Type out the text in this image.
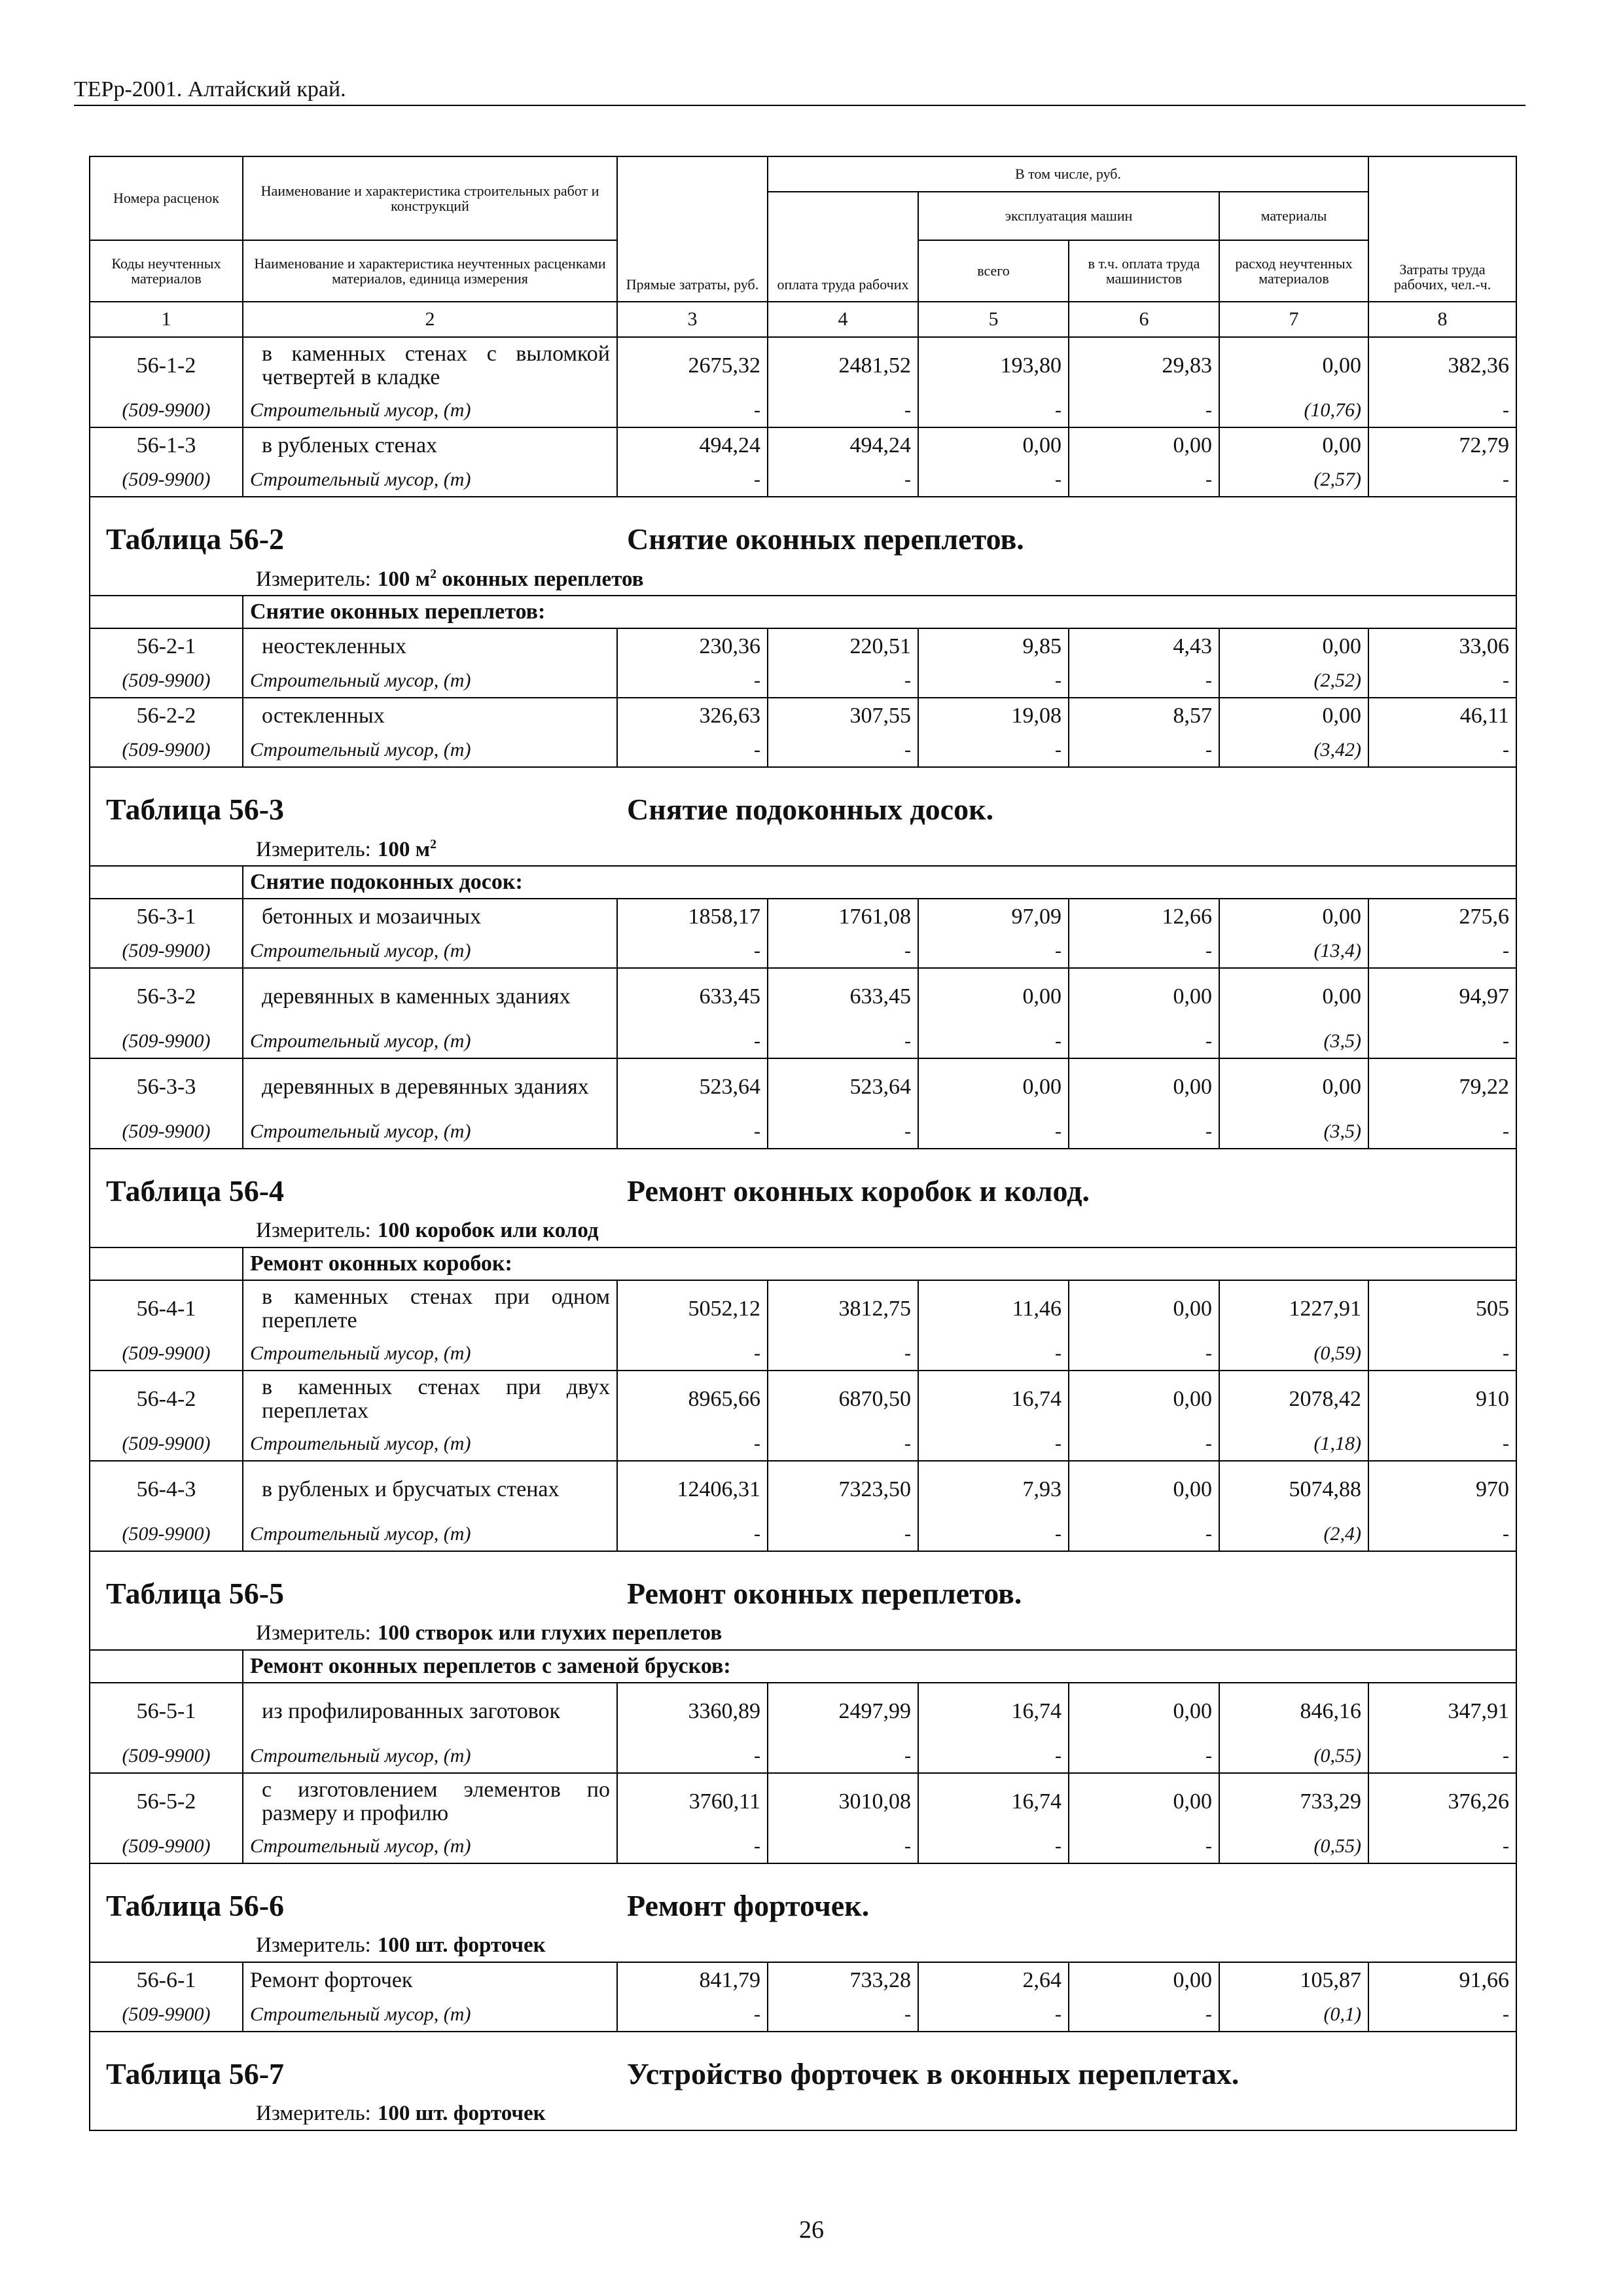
ТЕРр-2001. Алтайский край.
Номера расценок	Наименование и характеристика строительных работ и конструкций	Прямые затраты, руб.	В том числе, руб.				Затраты труда рабочих, чел.-ч.
			оплата труда рабочих	эксплуатация машин		материалы	
Коды неучтенных материалов	Наименование и характеристика неучтенных расценками материалов, единица измерения			всего	в т.ч. оплата труда машинистов	расход неучтенных материалов	
1	2	3	4	5	6	7	8
56-1-2	в каменных стенах с выломкой четвертей в кладке	2675,32	2481,52	193,80	29,83	0,00	382,36
(509-9900)	Строительный мусор, (т)	-	-	-	-	(10,76)	-
56-1-3	в рубленых стенах	494,24	494,24	0,00	0,00	0,00	72,79
(509-9900)	Строительный мусор, (т)	-	-	-	-	(2,57)	-

Таблица 56-2 Снятие оконных переплетов.							

Измеритель: 100 $м^2$ оконных переплетов							
	Снятие оконных переплетов:						
56-2-1	неостекленных	230,36	220,51	9,85	4,43	0,00	33,06
(509-9900)	Строительный мусор, (т)	-	-	-	-	(2,52)	-
56-2-2	остекленных	326,63	307,55	19,08	8,57	0,00	46,11
(509-9900)	Строительный мусор, (т)	-	-	-	-	(3,42)	-

Таблица 56-3 Снятие подоконных досок.							

Измеритель: 100 $м^2$
	Снятие подоконных досок:						
56-3-1	бетонных и мозаичных	1858,17	1761,08	97,09	12,66	0,00	275,6
(509-9900)	Строительный мусор, (т)	-	-	-	-	(13,4)	-
56-3-2	деревянных в каменных зданиях	633,45	633,45	0,00	0,00	0,00	94,97
(509-9900)	Строительный мусор, (т)	-	-	-	-	(3,5)	-
56-3-3	деревянных в деревянных зданиях	523,64	523,64	0,00	0,00	0,00	79,22
(509-9900)	Строительный мусор, (т)	-	-	-	-	(3,5)	-

Таблица 56-4 Ремонт оконных коробок и колод.							

Измеритель: 100 коробок или колод							
	Ремонт оконных коробок:						
56-4-1	в каменных стенах при одном переплете	5052,12	3812,75	11,46	0,00	1227,91	505
(509-9900)	Строительный мусор, (т)	-	-	-	-	(0,59)	-
56-4-2	в каменных стенах при двух переплетах	8965,66	6870,50	16,74	0,00	2078,42	910
(509-9900)	Строительный мусор, (т)	-	-	-	-	(1,18)	-
56-4-3	в рубленых и брусчатых стенах	12406,31	7323,50	7,93	0,00	5074,88	970
(509-9900)	Строительный мусор, (т)	-	-	-	-	(2,4)	-

Таблица 56-5 Ремонт оконных переплетов.							

Измеритель: 100 створок или глухих переплетов							
	Ремонт оконных переплетов с заменой брусков:						
56-5-1	из профилированных заготовок	3360,89	2497,99	16,74	0,00	846,16	347,91
(509-9900)	Строительный мусор, (т)	-	-	-	-	(0,55)	-
56-5-2	с изготовлением элементов по размеру и профилю	3760,11	3010,08	16,74	0,00	733,29	376,26
(509-9900)	Строительный мусор, (т)	-	-	-	-	(0,55)	-

Таблица 56-6 Ремонт форточек.							

Измеритель: 100 шт. форточек							
56-6-1	Ремонт форточек	841,79	733,28	2,64	0,00	105,87	91,66
(509-9900)	Строительный мусор, (т)	-	-	-	-	(0,1)	-

Таблица 56-7 Устройство форточек в оконных переплетах.							

Измеритель: 100 шт. форточек							
26
